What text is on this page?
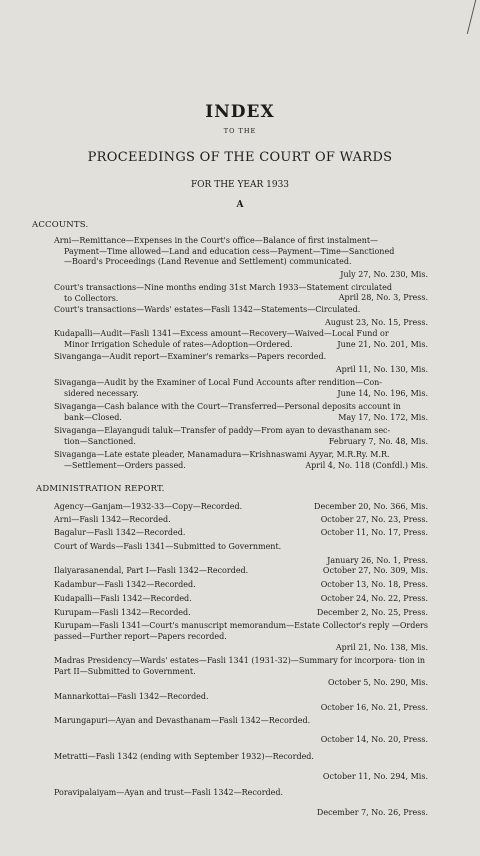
INDEX
TO THE
PROCEEDINGS OF THE COURT OF WARDS
FOR THE YEAR 1933
A
ACCOUNTS.
Arni—Remittance—Expenses in the Court's office—Balance of first instalment—
Payment—Time allowed—Land and education cess—Payment—Time—Sanctioned
—Board's Proceedings (Land Revenue and Settlement) communicated.
July 27, No. 230, Mis.
Court's transactions—Nine months ending 31st March 1933—Statement circulated
to Collectors.	April 28, No. 3, Press.
Court's transactions—Wards' estates—Fasli 1342—Statements—Circulated.
August 23, No. 15, Press.
Kudapalli—Audit—Fasli 1341—Excess amount—Recovery—Waived—Local Fund or
Minor Irrigation Schedule of rates—Adoption—Ordered.	June 21, No. 201, Mis.
Sivanganga—Audit report—Examiner's remarks—Papers recorded.
April 11, No. 130, Mis.
Sivaganga—Audit by the Examiner of Local Fund Accounts after rendition—Con-
sidered necessary.	June 14, No. 196, Mis.
Sivaganga—Cash balance with the Court—Transferred—Personal deposits account in
bank—Closed.	May 17, No. 172, Mis.
Sivaganga—Elayangudi taluk—Transfer of paddy—From ayan to devasthanam sec-
tion—Sanctioned.	February 7, No. 48, Mis.
Sivaganga—Late estate pleader, Manamadura—Krishnaswami Ayyar, M.R.Ry. M.R.
—Settlement—Orders passed.	April 4, No. 118 (Confdl.) Mis.
ADMINISTRATION REPORT.
Agency—Ganjam—1932-33—Copy—Recorded.	December 20, No. 366, Mis.
Arni—Fasli 1342—Recorded.	October 27, No. 23, Press.
Bagalur—Fasli 1342—Recorded.	October 11, No. 17, Press.
Court of Wards—Fasli 1341—Submitted to Government.
January 26, No. 1, Press.
Ilaiyarasanendal, Part I—Fasli 1342—Recorded.	October 27, No. 309, Mis.
Kadambur—Fasli 1342—Recorded.	October 13, No. 18, Press.
Kudapalli—Fasli 1342—Recorded.	October 24, No. 22, Press.
Kurupam—Fasli 1342—Recorded.	December 2, No. 25, Press.
Kurupam—Fasli 1341—Court's manuscript memorandum—Estate Collector's reply —Orders passed—Further report—Papers recorded.
April 21, No. 138, Mis.
Madras Presidency—Wards' estates—Fasli 1341 (1931-32)—Summary for incorpora- tion in Part II—Submitted to Government.
October 5, No. 290, Mis.
Mannarkottai—Fasli 1342—Recorded.
October 16, No. 21, Press.
Marungapuri—Ayan and Devasthanam—Fasli 1342—Recorded.
October 14, No. 20, Press.
Metratti—Fasli 1342 (ending with September 1932)—Recorded.
October 11, No. 294, Mis.
Poravipalaiyam—Ayan and trust—Fasli 1342—Recorded.
December 7, No. 26, Press.
